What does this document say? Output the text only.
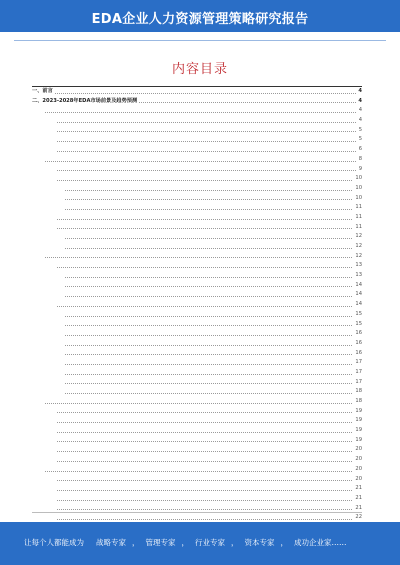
EDA企业人力资源管理策略研究报告
内容目录
一、前言	4
二、2023-2028年EDA市场前景及趋势预测	4
4
4
5
5
6
8
9
10
10
10
11
11
11
12
12
12
13
13
14
14
14
15
15
16
16
16
17
17
17
18
18
19
19
19
19
20
20
20
20
21
21
21
22
让每个人都能成为 战略专家 ， 管理专家 ， 行业专家 ， 资本专家 ， 成功企业家……
